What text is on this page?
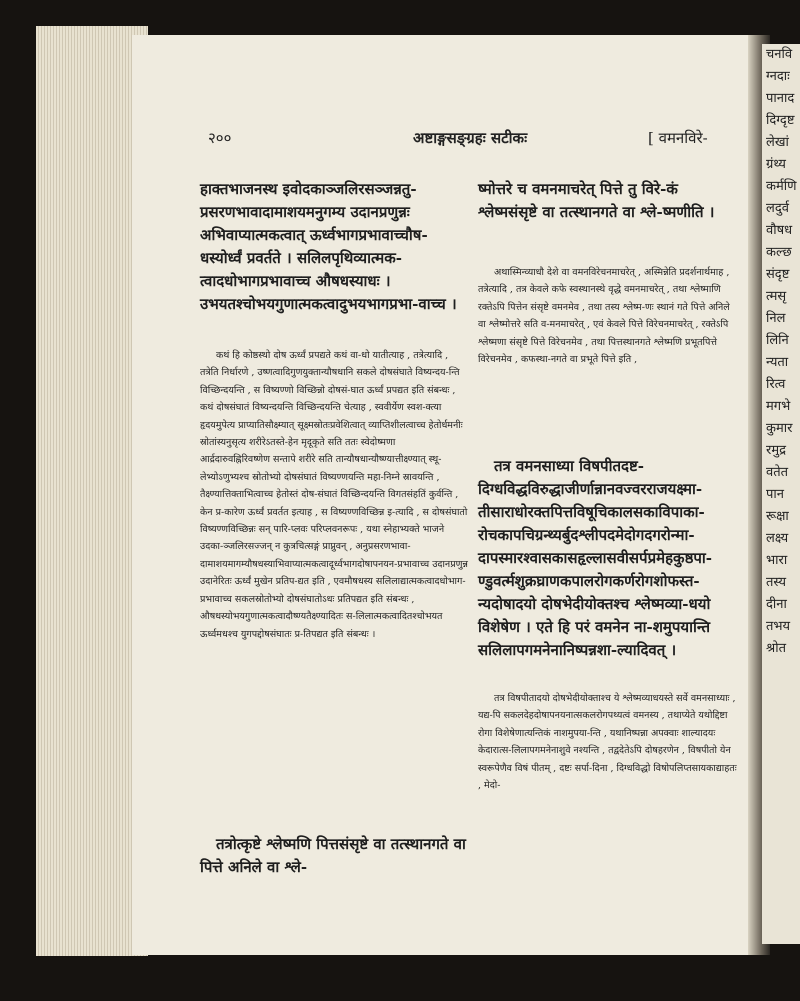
चनवि
ग्नदाः
पानाद
दिग्दृष्ट
लेखां
ग्रंथ्य
कर्मणि
लदुर्व
वौषध
कल्छ
संदृष्ट
त्मसृ
निल
लिनि
न्यता
रित्व
मगभे
कुमार
रमुद्र
वतेत
पान
रूक्षा
लक्ष्य
भारा
तस्य
दीना
तभय
श्रोत
२००	अष्टाङ्गसङ्ग्रहः सटीकः	[ वमनविरे-

हाक्तभाजनस्थ इवोदकाञ्जलिरसञ्जन्नतु-प्रसरणभावादामाशयमनुगम्य उदानप्रणुन्नः अभिवाप्यात्मकत्वात् ऊर्ध्वभागप्रभावाच्चौष-धस्योर्ध्वं प्रवर्तते । सलिलपृथिव्यात्मक-त्वादधोभागप्रभावाच्च औषधस्याधः । उभयतश्चोभयगुणात्मकत्वादुभयभागप्रभा-वाच्च ।

कथं हि कोष्ठस्थो दोष ऊर्ध्वं प्रपद्यते कथं वा-धो यातीत्याह , तत्रेत्यादि , तत्रेति निर्धारणे , उष्णत्वादिगुणयुक्तान्यौषधानि सकले दोषसंघाते विष्यन्दय-न्ति विच्छिन्दयन्ति , स विष्यण्णो विच्छिन्नो दोषसं-घात ऊर्ध्वं प्रपद्यत इति संबन्धः , कथं दोषसंघातं विष्यन्दयन्ति विच्छिन्दयन्ति चेत्याह , स्ववीर्येण स्वश-क्त्या हृदयमुपेत्य प्राप्यातिसौक्ष्म्यात् सूक्ष्मस्रोतःप्रवेशित्वात् व्याप्तिशीलत्वाच्च हेतोर्धमनीः स्रोतांस्यनुसृत्य शरीरेऽतस्ते-हेन मृदूकृते सति ततः स्वेदोष्मणा आर्द्रदारुवह्निरिवष्णेण सन्तापे शरीरे सति तान्यौषधान्यौष्ण्यात्तीक्ष्ण्यात् स्थू-लेभ्योऽणुभ्यश्च स्रोतोभ्यो दोषसंघातं विष्यण्णयन्ति महा-निम्ने स्रावयन्ति , तैक्ष्ण्यात्तिक्ताभित्वाच्च हेतोस्तं दोष-संघातं विच्छिन्दयन्ति विगतसंहतिं कुर्वन्ति , केन प्र-कारेण ऊर्ध्वं प्रवर्तत इत्याह , स विष्यण्णविच्छिन्न इ-त्यादि , स दोषसंघातो विष्यण्णविच्छिन्नः सन् पारि-प्लवः परिप्लवनरूपः , यथा स्नेहाभ्यक्ते भाजने उदका-ञ्जलिरसज्जन् न कुत्रचित्सङ्गं प्राप्नुवन् , अनुप्रसरणभावा-दामाशयमागम्यौषधस्याभिवाप्यात्मकत्वादूर्ध्वभागदोषापनयन-प्रभावाच्च उदानप्रणुन्न उदानेरितः ऊर्ध्वं मुखेन प्रतिप-द्यत इति , एवमौषधस्य सलिलाद्यात्मकत्वादधोभाग-प्रभावाच्च सकलस्रोतोभ्यो दोषसंघातोऽधः प्रतिपद्यत इति संबन्धः , औषधस्योभयगुणात्मकत्वादौष्ण्यतैक्ष्ण्यादितः स-लिलात्मकत्वादितश्चोभयत ऊर्ध्वमधश्च युगपद्दोषसंघातः प्र-तिपद्यत इति संबन्धः ।

तत्रोत्कृष्टे श्लेष्मणि पित्तसंसृष्टे वा तत्स्थानगते वा पित्ते अनिले वा श्ले-

ष्मोत्तरे च वमनमाचरेत् पित्ते तु विरे-कं श्लेष्मसंसृष्टे वा तत्स्थानगते वा श्ले-ष्मणीति ।

अथास्मिन्व्याधौ देशे वा वमनविरेचनमाचरेत् , अस्मिन्नेति प्रदर्शनार्थमाह , तत्रेत्यादि , तत्र केवले कफे स्वस्थानस्थे वृद्धे वमनमाचरेत् , तथा श्लेष्माणि रक्तेऽपि पित्तेन संसृष्टे वमनमेव , तथा तस्य श्लेष्म-णः स्थानं गते पित्ते अनिले वा श्लेष्मोत्तरे सति व-मनमाचरेत् , एवं केवले पित्ते विरेचनमाचरेत् , रक्तेऽपि श्लेष्मणा संसृष्टे पित्ते विरेचनमेव , तथा पित्तस्थानगते श्लेष्मणि प्रभूतपित्ते विरेचनमेव , कफस्था-नगते वा प्रभूते पित्ते इति ,

तत्र वमनसाध्या विषपीतदष्ट-दिग्धविद्धविरुद्धाजीर्णान्नानवज्वरराजयक्ष्मा-तीसाराधोरक्तपित्तविषूचिकालसकाविपाका-रोचकापचिग्रन्थ्यर्बुदश्लीपदमेदोगदगरोन्मा-दापस्मारश्वासकासहृल्लासवीसर्पप्रमेहकुष्ठपा-ण्डुवर्त्मशुक्रघ्राणकपालरोगकर्णरोगशोफस्त-न्यदोषादयो दोषभेदीयोक्तश्च श्लेष्मव्या-धयो विशेषेण । एते हि परं वमनेन ना-शमुपयान्ति सलिलापगमनेनानिष्पन्नशा-ल्यादिवत् ।

तत्र विषपीतादयो दोषभेदीयोक्ताश्च ये श्लेष्मव्याधयस्ते सर्वे वमनसाध्याः , यद्य-पि सकलदेहदोषापनयनात्सकलरोगपथ्यत्वं वमनस्य , तथाप्येते यथोद्दिष्टा रोगा विशेषेणात्यन्तिकं नाशमुपया-न्ति , यथानिष्पन्ना अपक्वाः शाल्यादयः केदारात्स-लिलापगमनेनाशुवे नश्यन्ति , तद्वदेतेऽपि दोषहरणेन , विषपीतो येन स्वरूपेणैव विषं पीतम् , दष्टः सर्पा-दिना , दिग्धविद्धो विषोपलिप्तसायकाद्याहतः , मेदो-
